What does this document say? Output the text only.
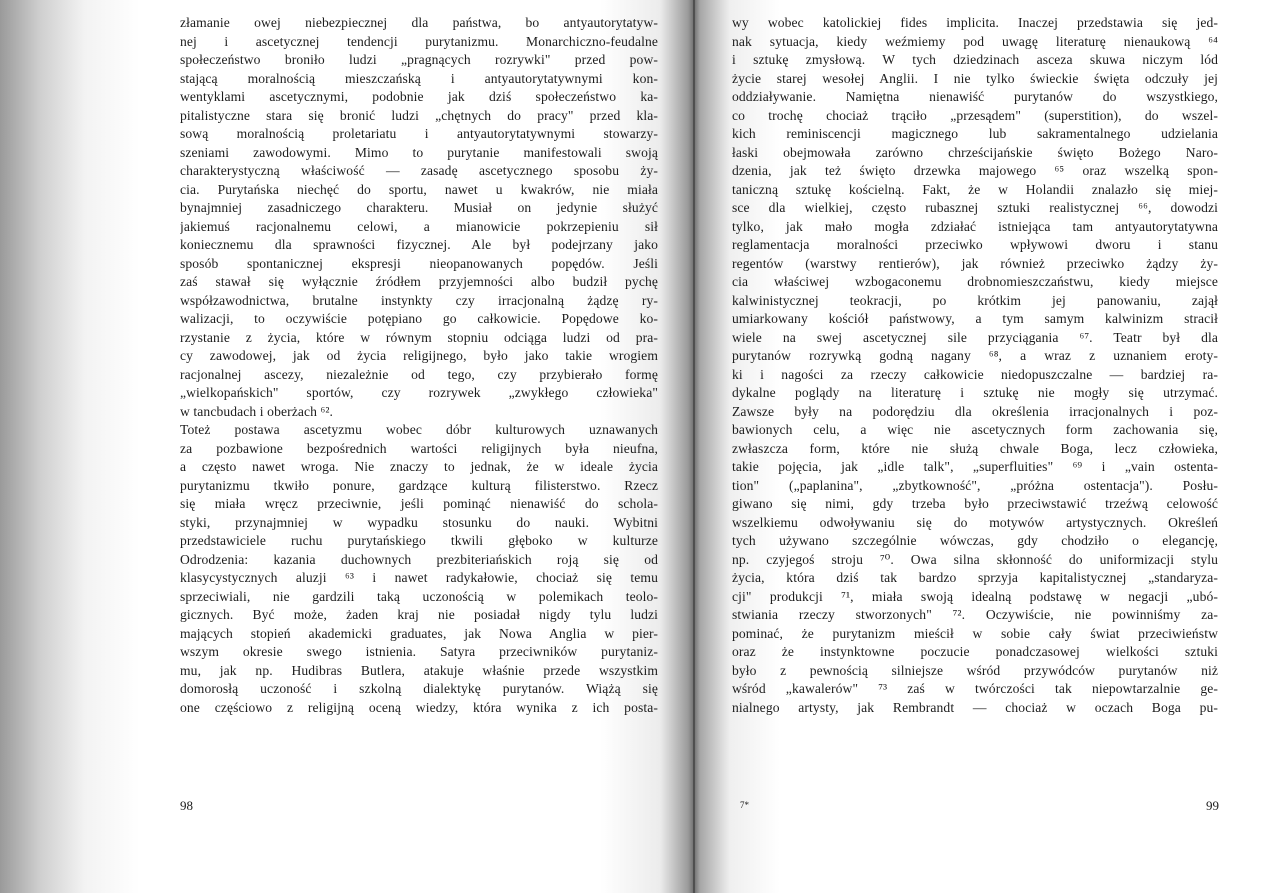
złamanie owej niebezpiecznej dla państwa, bo antyautorytatyw-
nej i ascetycznej tendencji purytanizmu. Monarchiczno-feudalne
społeczeństwo broniło ludzi „pragnących rozrywki" przed pow-
stającą moralnością mieszczańską i antyautorytatywnymi kon-
wentyklami ascetycznymi, podobnie jak dziś społeczeństwo ka-
pitalistyczne stara się bronić ludzi „chętnych do pracy" przed kla-
sową moralnością proletariatu i antyautorytatywnymi stowarzy-
szeniami zawodowymi. Mimo to purytanie manifestowali swoją
charakterystyczną właściwość — zasadę ascetycznego sposobu ży-
cia. Purytańska niechęć do sportu, nawet u kwakrów, nie miała
bynajmniej zasadniczego charakteru. Musiał on jedynie służyć
jakiemuś racjonalnemu celowi, a mianowicie pokrzepieniu sił
koniecznemu dla sprawności fizycznej. Ale był podejrzany jako
sposób spontanicznej ekspresji nieopanowanych popędów. Jeśli
zaś stawał się wyłącznie źródłem przyjemności albo budził pychę
współzawodnictwa, brutalne instynkty czy irracjonalną żądzę ry-
walizacji, to oczywiście potępiano go całkowicie. Popędowe ko-
rzystanie z życia, które w równym stopniu odciąga ludzi od pra-
cy zawodowej, jak od życia religijnego, było jako takie wrogiem
racjonalnej ascezy, niezależnie od tego, czy przybierało formę
„wielkopańskich" sportów, czy rozrywek „zwykłego człowieka"
w tancbudach i oberżach ⁶².
Toteż postawa ascetyzmu wobec dóbr kulturowych uznawanych
za pozbawione bezpośrednich wartości religijnych była nieufna,
a często nawet wroga. Nie znaczy to jednak, że w ideale życia
purytanizmu tkwiło ponure, gardzące kulturą filisterstwo. Rzecz
się miała wręcz przeciwnie, jeśli pominąć nienawiść do schola-
styki, przynajmniej w wypadku stosunku do nauki. Wybitni
przedstawiciele ruchu purytańskiego tkwili głęboko w kulturze
Odrodzenia: kazania duchownych prezbiteriańskich roją się od
klasycystycznych aluzji ⁶³ i nawet radykałowie, chociaż się temu
sprzeciwiali, nie gardzili taką uczonością w polemikach teolo-
gicznych. Być może, żaden kraj nie posiadał nigdy tylu ludzi
mających stopień akademicki graduates, jak Nowa Anglia w pier-
wszym okresie swego istnienia. Satyra przeciwników purytaniz-
mu, jak np. Hudibras Butlera, atakuje właśnie przede wszystkim
domorosłą uczoność i szkolną dialektykę purytanów. Wiążą się
one częściowo z religijną oceną wiedzy, która wynika z ich posta-
wy wobec katolickiej fides implicita. Inaczej przedstawia się jed-
nak sytuacja, kiedy weźmiemy pod uwagę literaturę nienaukową ⁶⁴
i sztukę zmysłową. W tych dziedzinach asceza skuwa niczym lód
życie starej wesołej Anglii. I nie tylko świeckie święta odczuły jej
oddziaływanie. Namiętna nienawiść purytanów do wszystkiego,
co trochę chociaż trąciło „przesądem" (superstition), do wszel-
kich reminiscencji magicznego lub sakramentalnego udzielania
łaski obejmowała zarówno chrześcijańskie święto Bożego Naro-
dzenia, jak też święto drzewka majowego ⁶⁵ oraz wszelką spon-
taniczną sztukę kościelną. Fakt, że w Holandii znalazło się miej-
sce dla wielkiej, często rubasznej sztuki realistycznej ⁶⁶, dowodzi
tylko, jak mało mogła zdziałać istniejąca tam antyautorytatywna
reglamentacja moralności przeciwko wpływowi dworu i stanu
regentów (warstwy rentierów), jak również przeciwko żądzy ży-
cia właściwej wzbogaconemu drobnomieszczaństwu, kiedy miejsce
kalwinistycznej teokracji, po krótkim jej panowaniu, zajął
umiarkowany kościół państwowy, a tym samym kalwinizm stracił
wiele na swej ascetycznej sile przyciągania ⁶⁷. Teatr był dla
purytanów rozrywką godną nagany ⁶⁸, a wraz z uznaniem eroty-
ki i nagości za rzeczy całkowicie niedopuszczalne — bardziej ra-
dykalne poglądy na literaturę i sztukę nie mogły się utrzymać.
Zawsze były na podorędziu dla określenia irracjonalnych i poz-
bawionych celu, a więc nie ascetycznych form zachowania się,
zwłaszcza form, które nie służą chwale Boga, lecz człowieka,
takie pojęcia, jak „idle talk", „superfluities" ⁶⁹ i „vain ostenta-
tion" („paplanina", „zbytkowność", „próżna ostentacja"). Posłu-
giwano się nimi, gdy trzeba było przeciwstawić trzeźwą celowość
wszelkiemu odwoływaniu się do motywów artystycznych. Określeń
tych używano szczególnie wówczas, gdy chodziło o elegancję,
np. czyjegoś stroju ⁷⁰. Owa silna skłonność do uniformizacji stylu
życia, która dziś tak bardzo sprzyja kapitalistycznej „standaryza-
cji" produkcji ⁷¹, miała swoją idealną podstawę w negacji „ubó-
stwiania rzeczy stworzonych" ⁷². Oczywiście, nie powinniśmy za-
pominać, że purytanizm mieścił w sobie cały świat przeciwieństw
oraz że instynktowne poczucie ponadczasowej wielkości sztuki
było z pewnością silniejsze wśród przywódców purytanów niż
wśród „kawalerów" ⁷³ zaś w twórczości tak niepowtarzalnie ge-
nialnego artysty, jak Rembrandt — chociaż w oczach Boga pu-
98	7*	99
